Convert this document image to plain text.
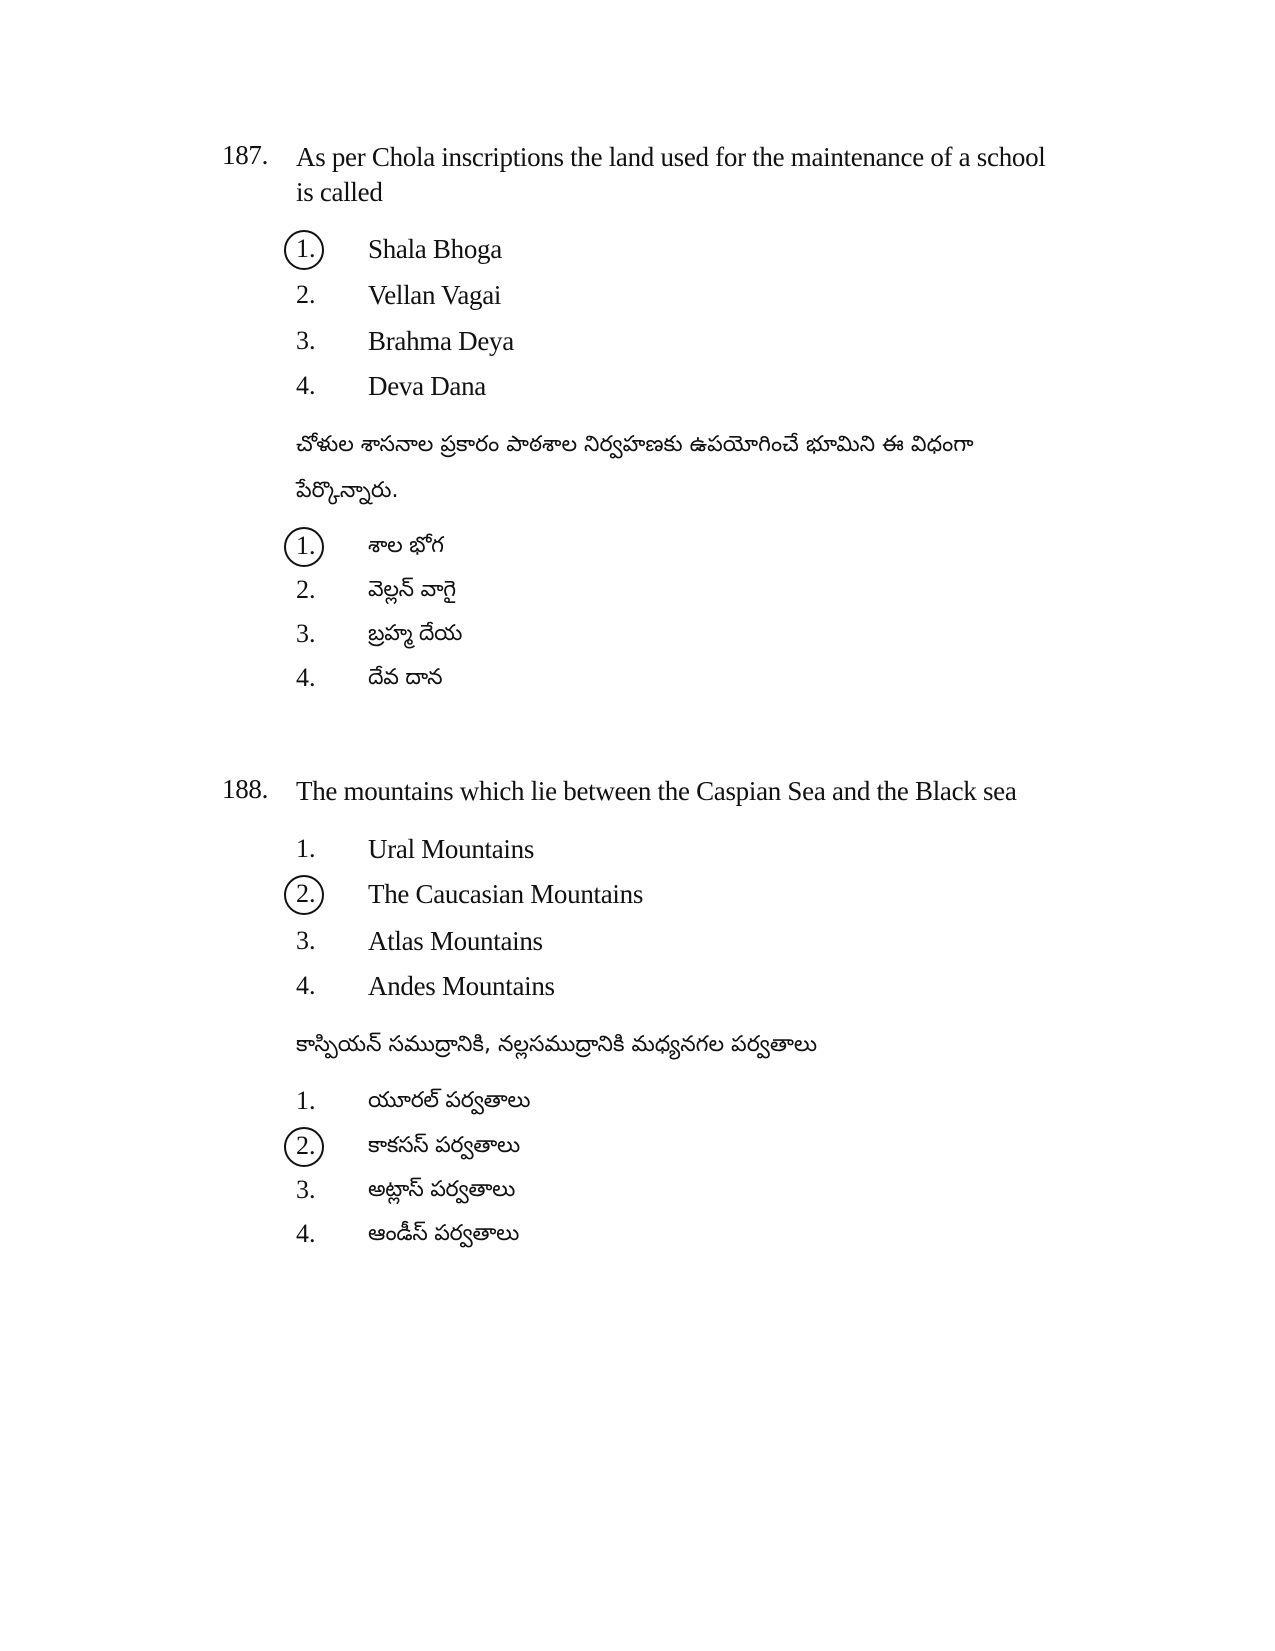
187. As per Chola inscriptions the land used for the maintenance of a school is called
1. Shala Bhoga
2. Vellan Vagai
3. Brahma Deya
4. Deva Dana
చోళుల శాసనాల ప్రకారం పాఠశాల నిర్వహణకు ఉపయోగించే భూమిని ఈ విధంగా పేర్కొన్నారు.
1. శాల భోగ
2. వెల్లన్ వాగై
3. బ్రహ్మ దేయ
4. దేవ దాన
188. The mountains which lie between the Caspian Sea and the Black sea
1. Ural Mountains
2. The Caucasian Mountains
3. Atlas Mountains
4. Andes Mountains
కాస్పియన్ సముద్రానికి, నల్లసముద్రానికి మధ్యనగల పర్వతాలు
1. యూరల్ పర్వతాలు
2. కాకసస్ పర్వతాలు
3. అట్లాస్ పర్వతాలు
4. ఆండీస్ పర్వతాలు
